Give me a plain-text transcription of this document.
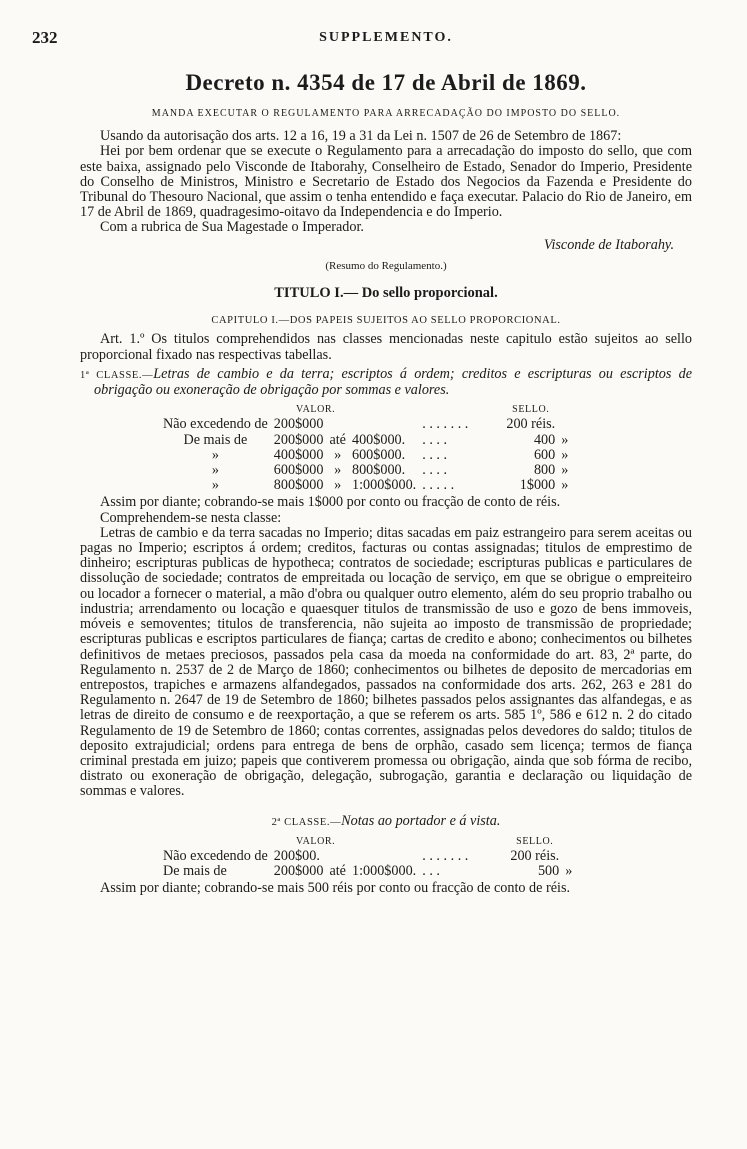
232	SUPPLEMENTO.
Decreto n. 4354 de 17 de Abril de 1869.
MANDA EXECUTAR O REGULAMENTO PARA ARRECADAÇÃO DO IMPOSTO DO SELLO.

Usando da autorisação dos arts. 12 a 16, 19 a 31 da Lei n. 1507 de 26 de Setembro de 1867:

Hei por bem ordenar que se execute o Regulamento para a arrecadação do imposto do sello, que com este baixa, assignado pelo Visconde de Itaborahy, Conselheiro de Estado, Senador do Imperio, Presidente do Conselho de Ministros, Ministro e Secretario de Estado dos Negocios da Fazenda e Presidente do Tribunal do Thesouro Nacional, que assim o tenha entendido e faça executar. Palacio do Rio de Janeiro, em 17 de Abril de 1869, quadragesimo-oitavo da Independencia e do Imperio.

Com a rubrica de Sua Magestade o Imperador.

Visconde de Itaborahy.
(Resumo do Regulamento.)
TITULO I.— Do sello proporcional.
CAPITULO I.—DOS PAPEIS SUJEITOS AO SELLO PROPORCIONAL.

Art. 1.º Os titulos comprehendidos nas classes mencionadas neste capitulo estão sujeitos ao sello proporcional fixado nas respectivas tabellas.

1ª CLASSE.—Letras de cambio e da terra; escriptos á ordem; creditos e escripturas ou escriptos de obrigação ou exoneração de obrigação por sommas e valores.

VALOR.						SELLO.	
Não excedendo de	200$000			. . . . . . .		200 réis.	
De mais de	200$000	até	400$000.	. . . .		400	»
»	400$000	»	600$000.	. . . .		600	»
»	600$000	»	800$000.	. . . .		800	»
»	800$000	»	1:000$000.	. . . . .		1$000	»

Assim por diante; cobrando-se mais 1$000 por conto ou fracção de conto de réis.

Comprehendem-se nesta classe:

Letras de cambio e da terra sacadas no Imperio; ditas sacadas em paiz estrangeiro para serem aceitas ou pagas no Imperio; escriptos á ordem; creditos, facturas ou contas assignadas; titulos de emprestimo de dinheiro; escripturas publicas de hypotheca; contratos de sociedade; escripturas publicas e particulares de dissolução de sociedade; contratos de empreitada ou locação de serviço, em que se obrigue o empreiteiro ou locador a fornecer o material, a mão d'obra ou qualquer outro elemento, além do seu proprio trabalho ou industria; arrendamento ou locação e quaesquer titulos de transmissão de uso e gozo de bens immoveis, móveis e semoventes; titulos de transferencia, não sujeita ao imposto de transmissão de propriedade; escripturas publicas e escriptos particulares de fiança; cartas de credito e abono; conhecimentos ou bilhetes definitivos de metaes preciosos, passados pela casa da moeda na conformidade do art. 83, 2ª parte, do Regulamento n. 2537 de 2 de Março de 1860; conhecimentos ou bilhetes de deposito de mercadorias em entrepostos, trapiches e armazens alfandegados, passados na conformidade dos arts. 262, 263 e 281 do Regulamento n. 2647 de 19 de Setembro de 1860; bilhetes passados pelos assignantes das alfandegas, e as letras de direito de consumo e de reexportação, a que se referem os arts. 585 1º, 586 e 612 n. 2 do citado Regulamento de 19 de Setembro de 1860; contas correntes, assignadas pelos devedores do saldo; titulos de deposito extrajudicial; ordens para entrega de bens de orphão, casado sem licença; termos de fiança criminal prestada em juizo; papeis que contiverem promessa ou obrigação, ainda que sob fórma de recibo, distrato ou exoneração de obrigação, delegação, subrogação, garantia e declaração ou liquidação de sommas e valores.

2ª CLASSE.—Notas ao portador e á vista.
VALOR.						SELLO.	
Não excedendo de	200$00.			. . . . . . .		200 réis.	
De mais de	200$000	até	1:000$000.	. . .		500	»

Assim por diante; cobrando-se mais 500 réis por conto ou fracção de conto de réis.
